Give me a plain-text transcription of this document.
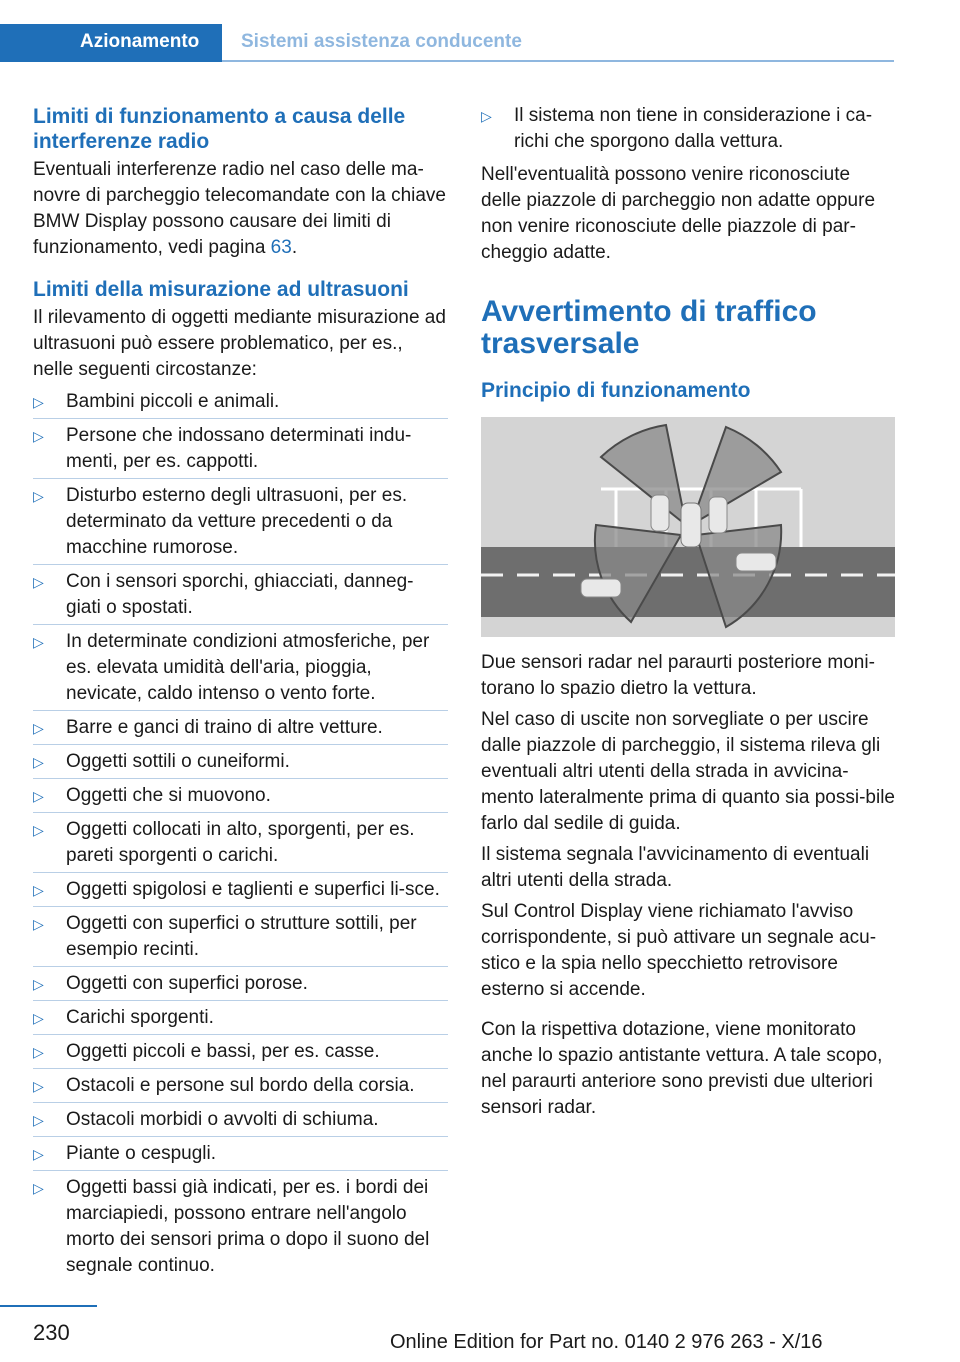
Azionamento Sistemi assistenza conducente
Limiti di funzionamento a causa delle interferenze radio

Eventuali interferenze radio nel caso delle ma‐novre di parcheggio telecomandate con la chiave BMW Display possono causare dei limiti di funzionamento, vedi pagina 63.

Limiti della misurazione ad ultrasuoni

Il rilevamento di oggetti mediante misurazione ad ultrasuoni può essere problematico, per es., nelle seguenti circostanze:

▷ Bambini piccoli e animali.
▷ Persone che indossano determinati indu‐menti, per es. cappotti.
▷ Disturbo esterno degli ultrasuoni, per es. determinato da vetture precedenti o da macchine rumorose.
▷ Con i sensori sporchi, ghiacciati, danneg‐giati o spostati.
▷ In determinate condizioni atmosferiche, per es. elevata umidità dell'aria, pioggia, nevicate, caldo intenso o vento forte.
▷ Barre e ganci di traino di altre vetture.
▷ Oggetti sottili o cuneiformi.
▷ Oggetti che si muovono.
▷ Oggetti collocati in alto, sporgenti, per es. pareti sporgenti o carichi.
▷ Oggetti spigolosi e taglienti e superfici li‐sce.
▷ Oggetti con superfici o strutture sottili, per esempio recinti.
▷ Oggetti con superfici porose.
▷ Carichi sporgenti.
▷ Oggetti piccoli e bassi, per es. casse.
▷ Ostacoli e persone sul bordo della corsia.
▷ Ostacoli morbidi o avvolti di schiuma.
▷ Piante o cespugli.
▷ Oggetti bassi già indicati, per es. i bordi dei marciapiedi, possono entrare nell'angolo morto dei sensori prima o dopo il suono del segnale continuo.
▷ Il sistema non tiene in considerazione i ca‐richi che sporgono dalla vettura.

Nell'eventualità possono venire riconosciute delle piazzole di parcheggio non adatte oppure non venire riconosciute delle piazzole di par‐cheggio adatte.

Avvertimento di traffico trasversale
Principio di funzionamento

Due sensori radar nel paraurti posteriore moni‐torano lo spazio dietro la vettura.

Nel caso di uscite non sorvegliate o per uscire dalle piazzole di parcheggio, il sistema rileva gli eventuali altri utenti della strada in avvicina‐mento lateralmente prima di quanto sia possi‐bile farlo dal sedile di guida.

Il sistema segnala l'avvicinamento di eventuali altri utenti della strada.

Sul Control Display viene richiamato l'avviso corrispondente, si può attivare un segnale acu‐stico e la spia nello specchietto retrovisore esterno si accende.

Con la rispettiva dotazione, viene monitorato anche lo spazio antistante vettura. A tale scopo, nel paraurti anteriore sono previsti due ulteriori sensori radar.

230	Online Edition for Part no. 0140 2 976 263 - X/16
